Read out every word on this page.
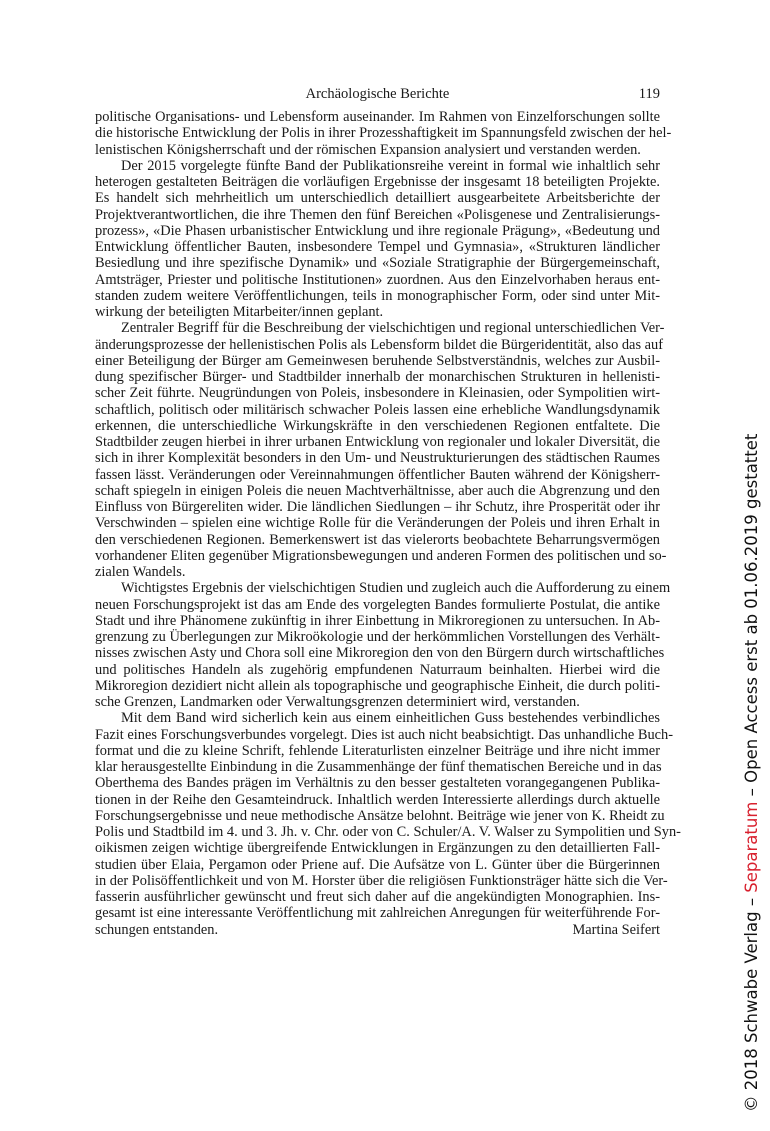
Archäologische Berichte	119
politische Organisations- und Lebensform auseinander. Im Rahmen von Einzelforschungen sollte
die historische Entwicklung der Polis in ihrer Prozesshaftigkeit im Spannungsfeld zwischen der hel-
lenistischen Königsherrschaft und der römischen Expansion analysiert und verstanden werden.
Der 2015 vorgelegte fünfte Band der Publikationsreihe vereint in formal wie inhaltlich sehr
heterogen gestalteten Beiträgen die vorläufigen Ergebnisse der insgesamt 18 beteiligten Projekte.
Es handelt sich mehrheitlich um unterschiedlich detailliert ausgearbeitete Arbeitsberichte der
Projektverantwortlichen, die ihre Themen den fünf Bereichen «Polisgenese und Zentralisierungs-
prozess», «Die Phasen urbanistischer Entwicklung und ihre regionale Prägung», «Bedeutung und
Entwicklung öffentlicher Bauten, insbesondere Tempel und Gymnasia», «Strukturen ländlicher
Besiedlung und ihre spezifische Dynamik» und «Soziale Stratigraphie der Bürgergemeinschaft,
Amtsträger, Priester und politische Institutionen» zuordnen. Aus den Einzelvorhaben heraus ent-
standen zudem weitere Veröffentlichungen, teils in monographischer Form, oder sind unter Mit-
wirkung der beteiligten Mitarbeiter/innen geplant.
Zentraler Begriff für die Beschreibung der vielschichtigen und regional unterschiedlichen Ver-
änderungsprozesse der hellenistischen Polis als Lebensform bildet die Bürgeridentität, also das auf
einer Beteiligung der Bürger am Gemeinwesen beruhende Selbstverständnis, welches zur Ausbil-
dung spezifischer Bürger- und Stadtbilder innerhalb der monarchischen Strukturen in hellenisti-
scher Zeit führte. Neugründungen von Poleis, insbesondere in Kleinasien, oder Sympolitien wirt-
schaftlich, politisch oder militärisch schwacher Poleis lassen eine erhebliche Wandlungsdynamik
erkennen, die unterschiedliche Wirkungskräfte in den verschiedenen Regionen entfaltete. Die
Stadtbilder zeugen hierbei in ihrer urbanen Entwicklung von regionaler und lokaler Diversität, die
sich in ihrer Komplexität besonders in den Um- und Neustrukturierungen des städtischen Raumes
fassen lässt. Veränderungen oder Vereinnahmungen öffentlicher Bauten während der Königsherr-
schaft spiegeln in einigen Poleis die neuen Machtverhältnisse, aber auch die Abgrenzung und den
Einfluss von Bürgereliten wider. Die ländlichen Siedlungen – ihr Schutz, ihre Prosperität oder ihr
Verschwinden – spielen eine wichtige Rolle für die Veränderungen der Poleis und ihren Erhalt in
den verschiedenen Regionen. Bemerkenswert ist das vielerorts beobachtete Beharrungsvermögen
vorhandener Eliten gegenüber Migrationsbewegungen und anderen Formen des politischen und so-
zialen Wandels.
Wichtigstes Ergebnis der vielschichtigen Studien und zugleich auch die Aufforderung zu einem
neuen Forschungsprojekt ist das am Ende des vorgelegten Bandes formulierte Postulat, die antike
Stadt und ihre Phänomene zukünftig in ihrer Einbettung in Mikroregionen zu untersuchen. In Ab-
grenzung zu Überlegungen zur Mikroökologie und der herkömmlichen Vorstellungen des Verhält-
nisses zwischen Asty und Chora soll eine Mikroregion den von den Bürgern durch wirtschaftliches
und politisches Handeln als zugehörig empfundenen Naturraum beinhalten. Hierbei wird die
Mikroregion dezidiert nicht allein als topographische und geographische Einheit, die durch politi-
sche Grenzen, Landmarken oder Verwaltungsgrenzen determiniert wird, verstanden.
Mit dem Band wird sicherlich kein aus einem einheitlichen Guss bestehendes verbindliches
Fazit eines Forschungsverbundes vorgelegt. Dies ist auch nicht beabsichtigt. Das unhandliche Buch-
format und die zu kleine Schrift, fehlende Literaturlisten einzelner Beiträge und ihre nicht immer
klar herausgestellte Einbindung in die Zusammenhänge der fünf thematischen Bereiche und in das
Oberthema des Bandes prägen im Verhältnis zu den besser gestalteten vorangegangenen Publika-
tionen in der Reihe den Gesamteindruck. Inhaltlich werden Interessierte allerdings durch aktuelle
Forschungsergebnisse und neue methodische Ansätze belohnt. Beiträge wie jener von K. Rheidt zu
Polis und Stadtbild im 4. und 3. Jh. v. Chr. oder von C. Schuler/A. V. Walser zu Sympolitien und Syn-
oikismen zeigen wichtige übergreifende Entwicklungen in Ergänzungen zu den detaillierten Fall-
studien über Elaia, Pergamon oder Priene auf. Die Aufsätze von L. Günter über die Bürgerinnen
in der Polisöffentlichkeit und von M. Horster über die religiösen Funktionsträger hätte sich die Ver-
fasserin ausführlicher gewünscht und freut sich daher auf die angekündigten Monographien. Ins-
gesamt ist eine interessante Veröffentlichung mit zahlreichen Anregungen für weiterführende For-
schungen entstanden.	Martina Seifert	© 2018 Schwabe Verlag – Separatum – Open Access erst ab 01.06.2019 gestattet
